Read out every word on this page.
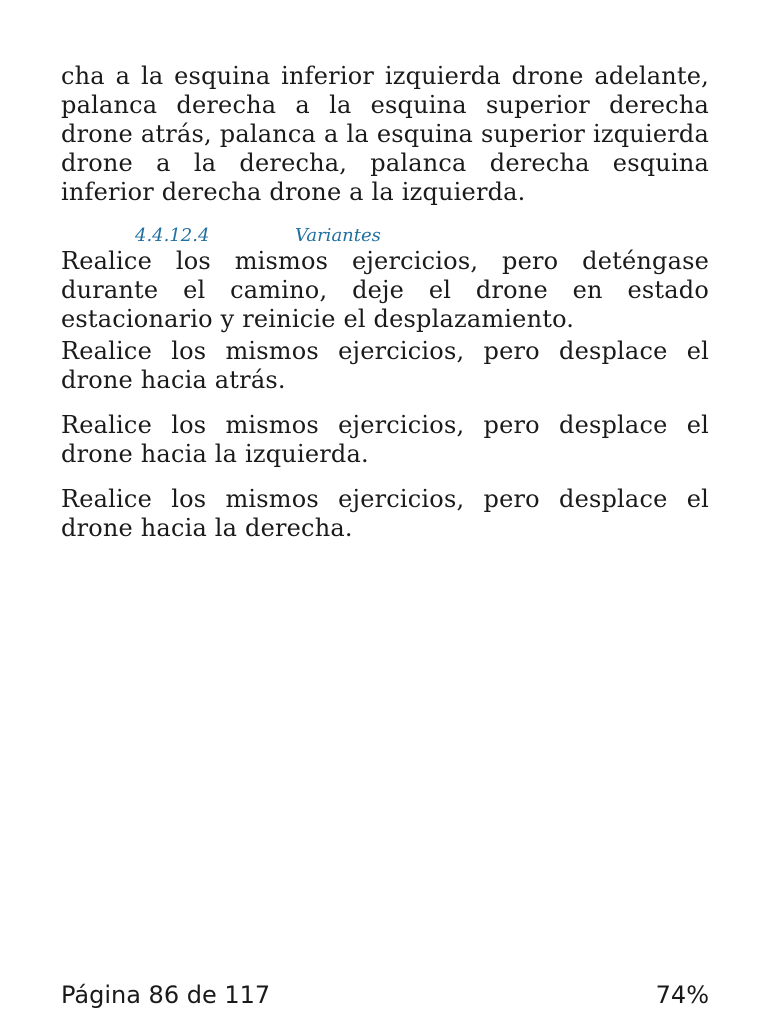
cha a la esquina inferior izquierda drone adelante, palanca derecha a la esquina superior derecha drone atrás, palanca a la esquina superior izquierda drone a la derecha, palanca derecha esquina inferior derecha drone a la izquierda.

4.4.12.4	Variantes

Realice los mismos ejercicios, pero deténgase durante el camino, deje el drone en estado estacionario y reinicie el desplazamiento.

Realice los mismos ejercicios, pero desplace el drone hacia atrás.

Realice los mismos ejercicios, pero desplace el drone hacia la izquierda.

Realice los mismos ejercicios, pero desplace el drone hacia la derecha.

Página 86 de 117	74%
